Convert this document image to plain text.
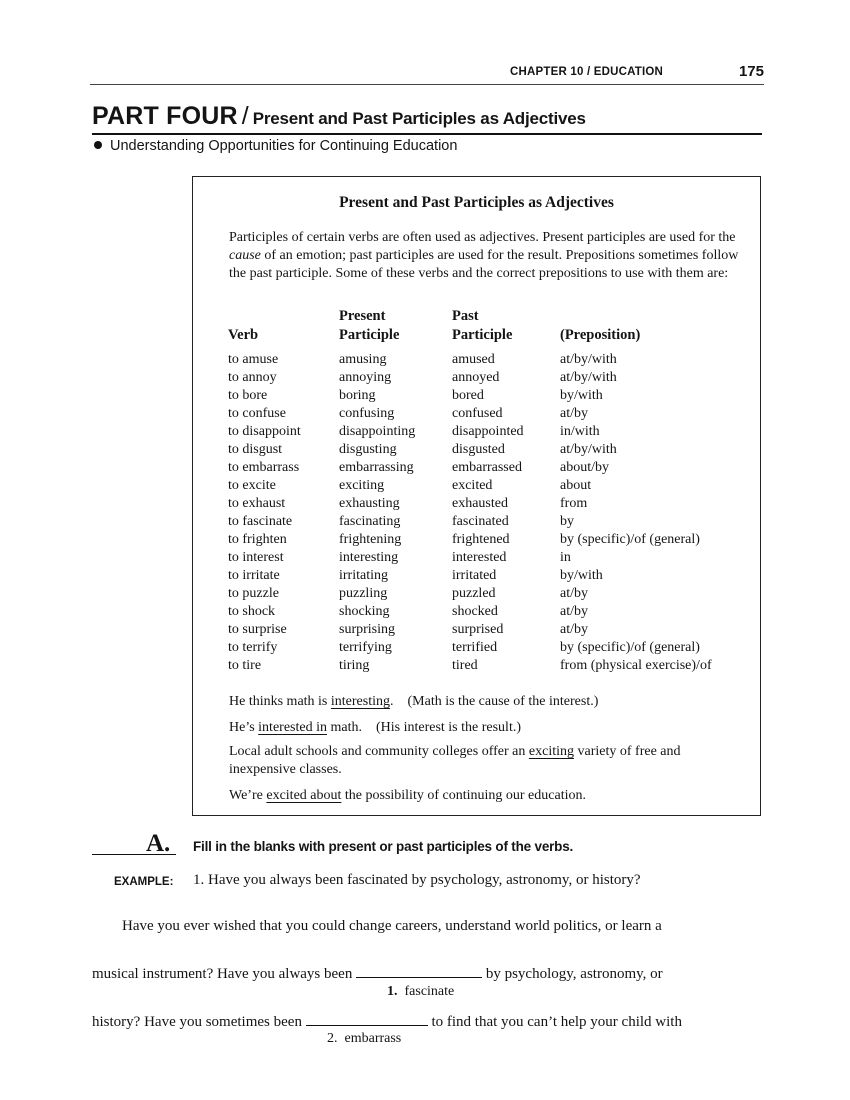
CHAPTER 10 / EDUCATION	175
PART FOUR / Present and Past Participles as Adjectives
Understanding Opportunities for Continuing Education
Present and Past Participles as Adjectives
Participles of certain verbs are often used as adjectives. Present participles are used for the cause of an emotion; past participles are used for the result. Prepositions sometimes follow the past participle. Some of these verbs and the correct prepositions to use with them are:
Present	Past
Verb	Participle	Participle	(Preposition)
to amuse	amusing	amused	at/by/with
to annoy	annoying	annoyed	at/by/with
to bore	boring	bored	by/with
to confuse	confusing	confused	at/by
to disappoint	disappointing	disappointed	in/with
to disgust	disgusting	disgusted	at/by/with
to embarrass	embarrassing	embarrassed	about/by
to excite	exciting	excited	about
to exhaust	exhausting	exhausted	from
to fascinate	fascinating	fascinated	by
to frighten	frightening	frightened	by (specific)/of (general)
to interest	interesting	interested	in
to irritate	irritating	irritated	by/with
to puzzle	puzzling	puzzled	at/by
to shock	shocking	shocked	at/by
to surprise	surprising	surprised	at/by
to terrify	terrifying	terrified	by (specific)/of (general)
to tire	tiring	tired	from (physical exercise)/of
He thinks math is interesting.    (Math is the cause of the interest.)
He’s interested in math.    (His interest is the result.)
Local adult schools and community colleges offer an exciting variety of free and inexpensive classes.
We’re excited about the possibility of continuing our education.
A. Fill in the blanks with present or past participles of the verbs.
EXAMPLE: 1. Have you always been fascinated by psychology, astronomy, or history?
Have you ever wished that you could change careers, understand world politics, or learn a
musical instrument? Have you always been	by psychology, astronomy, or
1. fascinate
history? Have you sometimes been	to find that you can’t help your child with
2. embarrass
